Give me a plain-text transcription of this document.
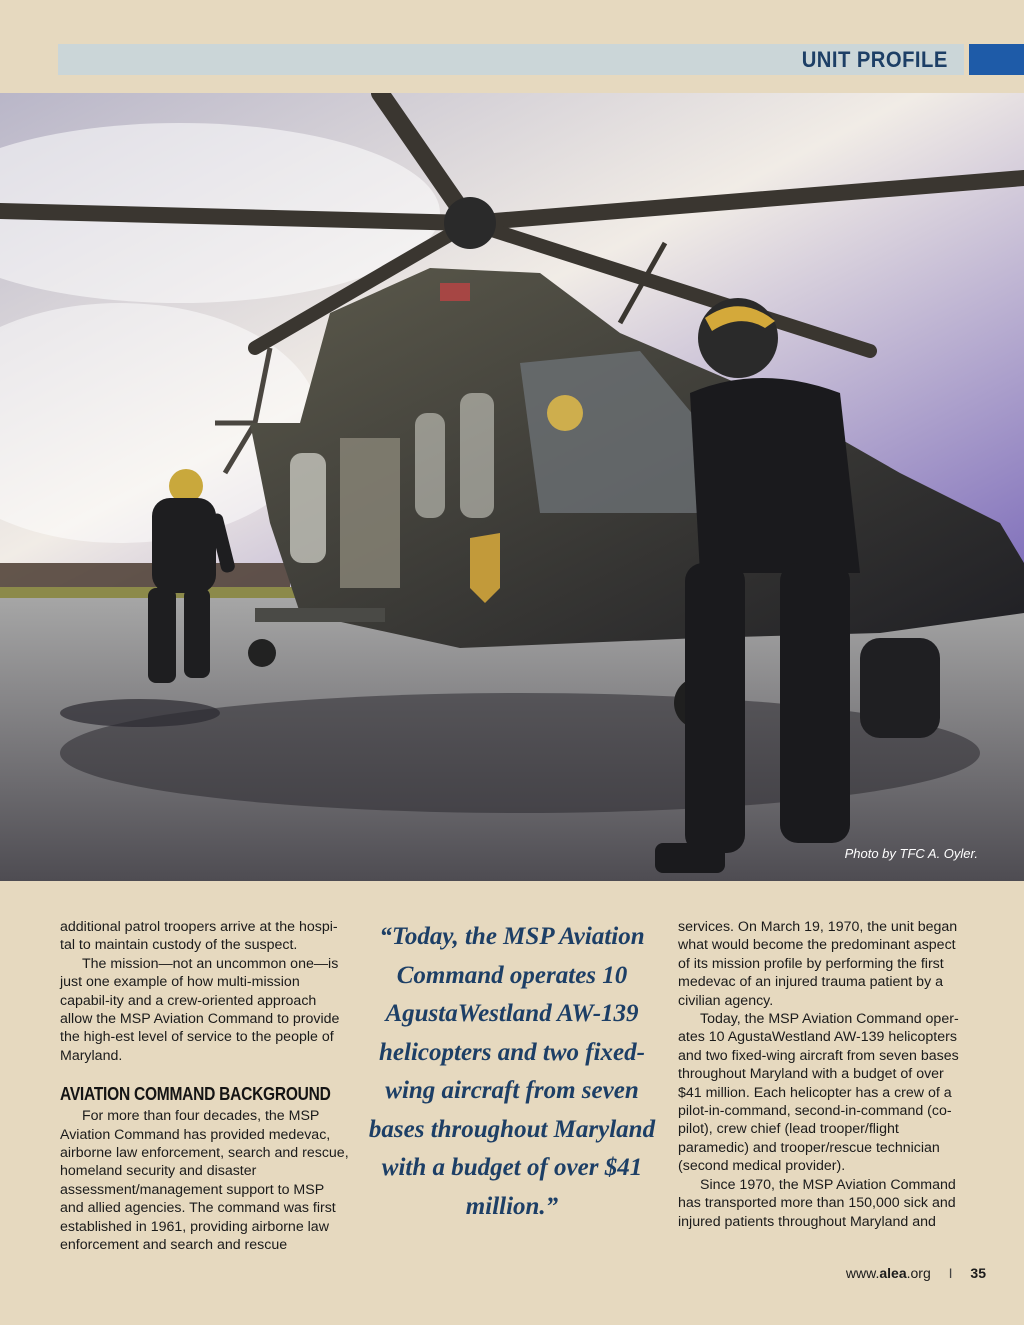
UNIT PROFILE
Photo by TFC A. Oyler.

additional patrol troopers arrive at the hospi-tal to maintain custody of the suspect.

The mission—not an uncommon one—is just one example of how multi-mission capabil-ity and a crew-oriented approach allow the MSP Aviation Command to provide the high-est level of service to the people of Maryland.

AVIATION COMMAND BACKGROUND

For more than four decades, the MSP Aviation Command has provided medevac, airborne law enforcement, search and rescue, homeland security and disaster assessment/management support to MSP and allied agencies. The command was first established in 1961, providing airborne law enforcement and search and rescue

“Today, the MSP Aviation Command operates 10 AgustaWestland AW-139 helicopters and two fixed-wing aircraft from seven bases throughout Maryland with a budget of over $41 million.”

services. On March 19, 1970, the unit began what would become the predominant aspect of its mission profile by performing the first medevac of an injured trauma patient by a civilian agency.

Today, the MSP Aviation Command oper-ates 10 AgustaWestland AW-139 helicopters and two fixed-wing aircraft from seven bases throughout Maryland with a budget of over $41 million. Each helicopter has a crew of a pilot-in-command, second-in-command (co-pilot), crew chief (lead trooper/flight paramedic) and trooper/rescue technician (second medical provider).

Since 1970, the MSP Aviation Command has transported more than 150,000 sick and injured patients throughout Maryland and

www.alea.org I 35
